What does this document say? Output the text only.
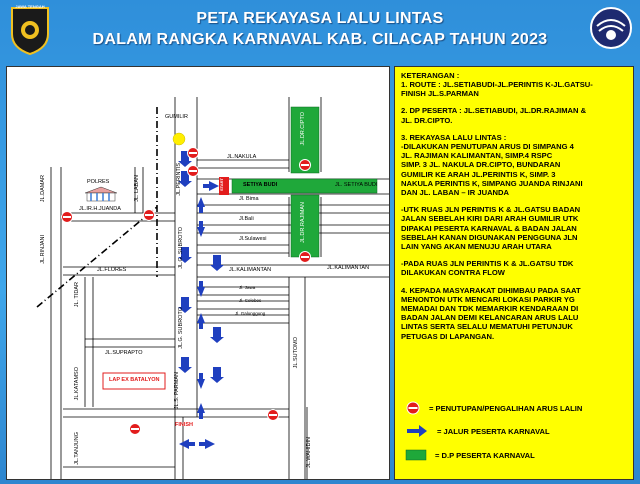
JAWA TENGAH
PETA REKAYASA LALU LINTAS
DALAM RANGKA KARNAVAL KAB. CILACAP TAHUN 2023
GUMILIR
JL.NAKULA
JL.PERINTIS
JL.DR.CIPTO
POLRES
JL.DAMAR	JL. LABAN	SETIYA BUDI	JL. SETIYA BUDI
JL.IR.H.JUANDA
JL.RINJANI
Jl. Bima
Jl.Bali
Jl.Sulawesi	JL.DR.RAJIMAN
JL.G. SUBROTO
JL.G. SUBROTO
JL.FLORES	JL.KALIMANTAN	JL.KALIMANTAN
Jl. Jawa
Jl. Celebes
Jl. Galunggung
JL. TIDAR
JL.SUPRAPTO	JL.SUTOMO
JL.KATAMSO	LAP EX BATALYON	JL.S. PARMAN
FINISH
JL.TANJUNG	JL.WAHIDIN
START
KETERANGAN :

1. ROUTE : JL.SETIABUDI-JL.PERINTIS K-JL.GATSU-

FINISH JL.S.PARMAN

2. DP PESERTA : JL.SETIABUDI, JL.DR.RAJIMAN &

JL. DR.CIPTO.

3. REKAYASA LALU LINTAS :

-DILAKUKAN PENUTUPAN ARUS DI SIMPANG 4

JL. RAJIMAN KALIMANTAN, SIMP.4 RSPC

SIMP. 3 JL. NAKULA DR.CIPTO, BUNDARAN

GUMILIR KE ARAH JL.PERINTIS K, SIMP. 3

NAKULA PERINTIS K, SIMPANG JUANDA RINJANI

DAN JL. LABAN – IR JUANDA

-UTK RUAS JLN PERINTIS K & JL.GATSU BADAN

JALAN SEBELAH KIRI DARI ARAH GUMILIR UTK

DIPAKAI PESERTA KARNAVAL & BADAN JALAN

SEBELAH KANAN DIGUNAKAN PENGGUNA JLN

LAIN YANG AKAN MENUJU ARAH UTARA

-PADA RUAS JLN PERINTIS K & JL.GATSU TDK

DILAKUKAN CONTRA FLOW

4. KEPADA MASYARAKAT DIHIMBAU PADA SAAT

MENONTON UTK MENCARI LOKASI PARKIR YG

MEMADAI DAN TDK MEMARKIR KENDARAAN DI

BADAN JALAN DEMI KELANCARAN ARUS LALU

LINTAS SERTA SELALU MEMATUHI PETUNJUK

PETUGAS DI LAPANGAN.

= PENUTUPAN/PENGALIHAN ARUS LALIN
= JALUR PESERTA KARNAVAL
= D.P PESERTA KARNAVAL
